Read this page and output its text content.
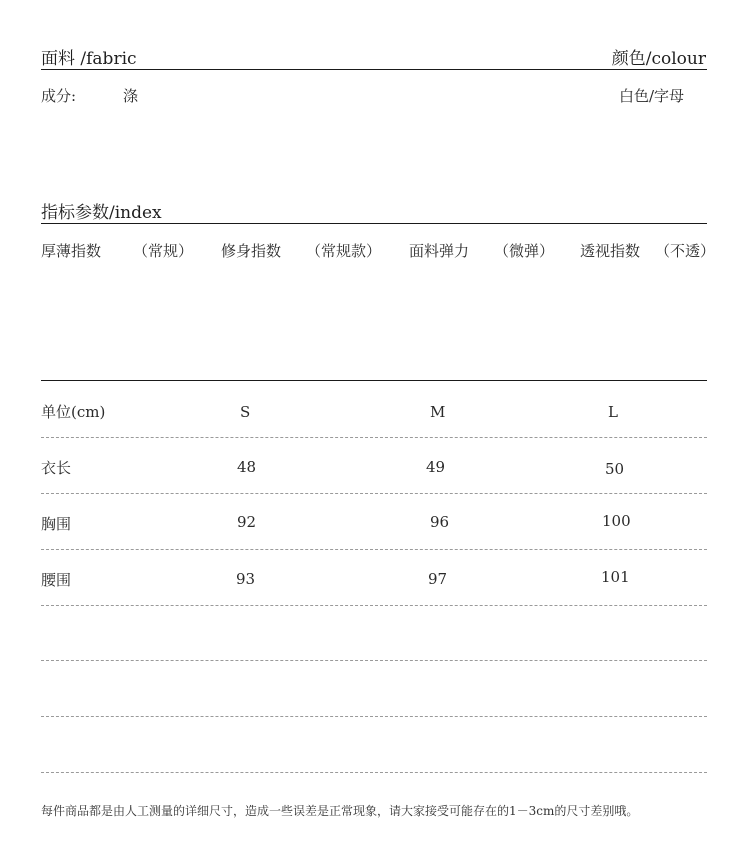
面料 /fabric	颜色/colour
成分:	涤	白色/字母
指标参数/index
厚薄指数 （常规） 修身指数 （常规款） 面料弹力 （微弹） 透视指数 （不透）
单位(cm)	S	M	L
衣长	48	49	50
胸围	92	96	100
腰围	93	97	101
每件商品都是由人工测量的详细尺寸，造成一些误差是正常现象，请大家接受可能存在的1－3cm的尺寸差别哦。
